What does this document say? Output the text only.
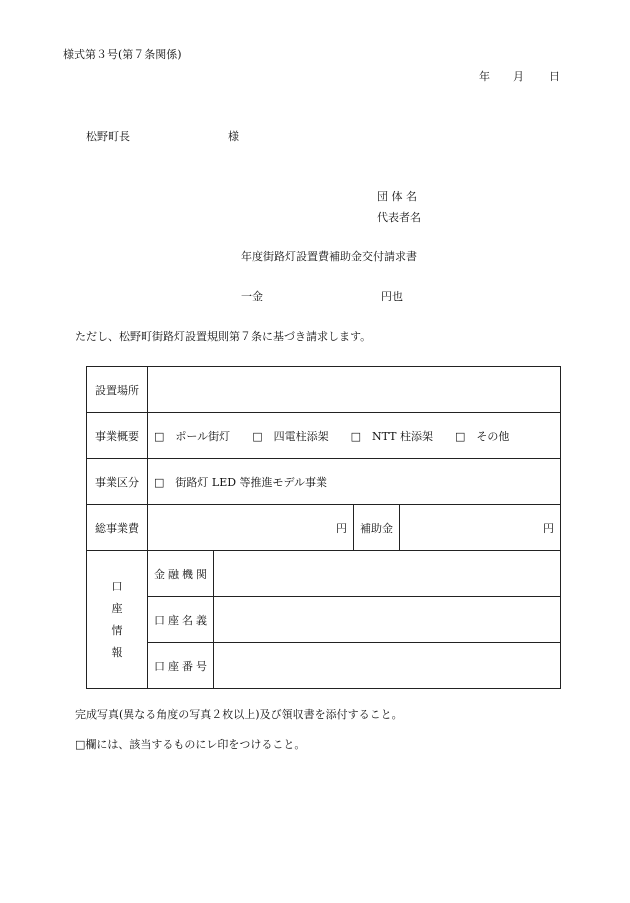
様式第３号(第７条関係)
年 月 日
松野町長	様
団 体 名
代表者名
年度街路灯設置費補助金交付請求書
一金	円也
ただし、松野町街路灯設置規則第７条に基づき請求します。
設置場所				
事業概要	□　ポール街灯 □　四電柱添架 □　NTT 柱添架 □　その他			
事業区分	□　街路灯 LED 等推進モデル事業			
総事業費	円		補助金	円

口
座
情
報	金融機関			
	口座名義			
	口座番号			
完成写真(異なる角度の写真２枚以上)及び領収書を添付すること。
□欄には、該当するものにレ印をつけること。
